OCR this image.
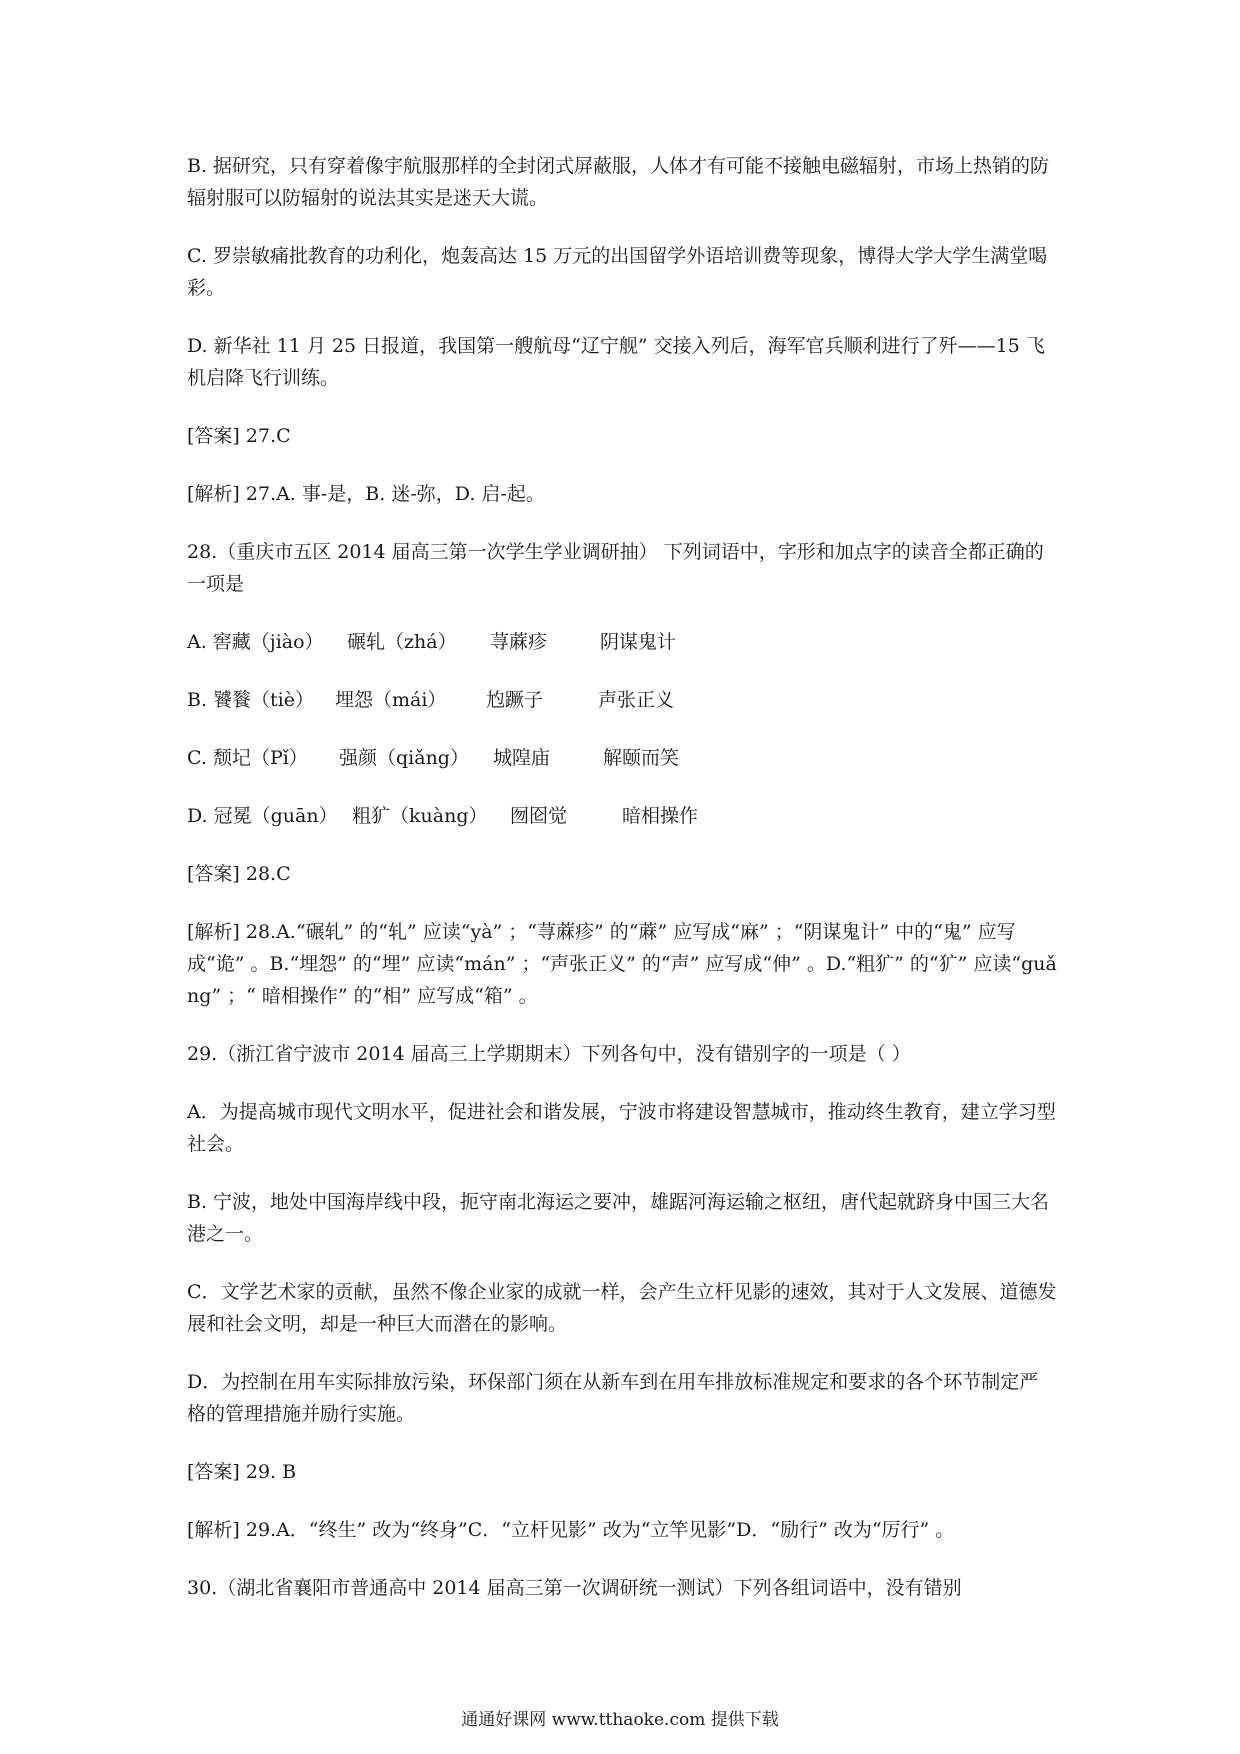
B. 据研究，只有穿着像宇航服那样的全封闭式屏蔽服，人体才有可能不接触电磁辐射，市场上热销的防辐射服可以防辐射的说法其实是迷天大谎。

C. 罗崇敏痛批教育的功利化，炮轰高达 15 万元的出国留学外语培训费等现象，博得大学大学生满堂喝彩。

D. 新华社 11 月 25 日报道，我国第一艘航母“辽宁舰” 交接入列后，海军官兵顺利进行了歼——15 飞机启降飞行训练。

[答案] 27.C

[解析] 27.A. 事-是，B. 迷-弥，D. 启-起。

28.（重庆市五区 2014 届高三第一次学生学业调研抽） 下列词语中，字形和加点字的读音全都正确的一项是

A. 窖藏（jiào） 碾轧（zhá） 荨蔴疹	阴谋鬼计
B. 饕餮（tiè） 埋怨（mái） 尥蹶子	声张正义
C. 颓圮（Pǐ） 强颜（qiǎng） 城隍庙	解颐而笑
D. 冠冕（guān） 粗犷（kuàng） 囫囵觉	暗相操作

[答案] 28.C

[解析] 28.A.“碾轧” 的“轧” 应读“yà” ；“荨蔴疹” 的“蔴” 应写成“麻” ；“阴谋鬼计” 中的“鬼” 应写成“诡” 。B.“埋怨” 的“埋” 应读“mán” ；“声张正义” 的“声” 应写成“伸” 。D.“粗犷” 的“犷” 应读“guǎng” ；“ 暗相操作” 的“相” 应写成“箱” 。

29.（浙江省宁波市 2014 届高三上学期期末）下列各句中，没有错别字的一项是（ ）

A．为提高城市现代文明水平，促进社会和谐发展，宁波市将建设智慧城市，推动终生教育，建立学习型社会。

B. 宁波，地处中国海岸线中段，扼守南北海运之要冲，雄踞河海运输之枢纽，唐代起就跻身中国三大名港之一。

C．文学艺术家的贡献，虽然不像企业家的成就一样，会产生立杆见影的速效，其对于人文发展、道德发展和社会文明，却是一种巨大而潜在的影响。

D．为控制在用车实际排放污染，环保部门须在从新车到在用车排放标准规定和要求的各个环节制定严格的管理措施并励行实施。

[答案] 29. B

[解析] 29.A．“终生” 改为“终身”C．“立杆见影” 改为“立竿见影”D．“励行” 改为“厉行” 。

30.（湖北省襄阳市普通高中 2014 届高三第一次调研统一测试）下列各组词语中，没有错别

通通好课网 www.tthaoke.com 提供下载
